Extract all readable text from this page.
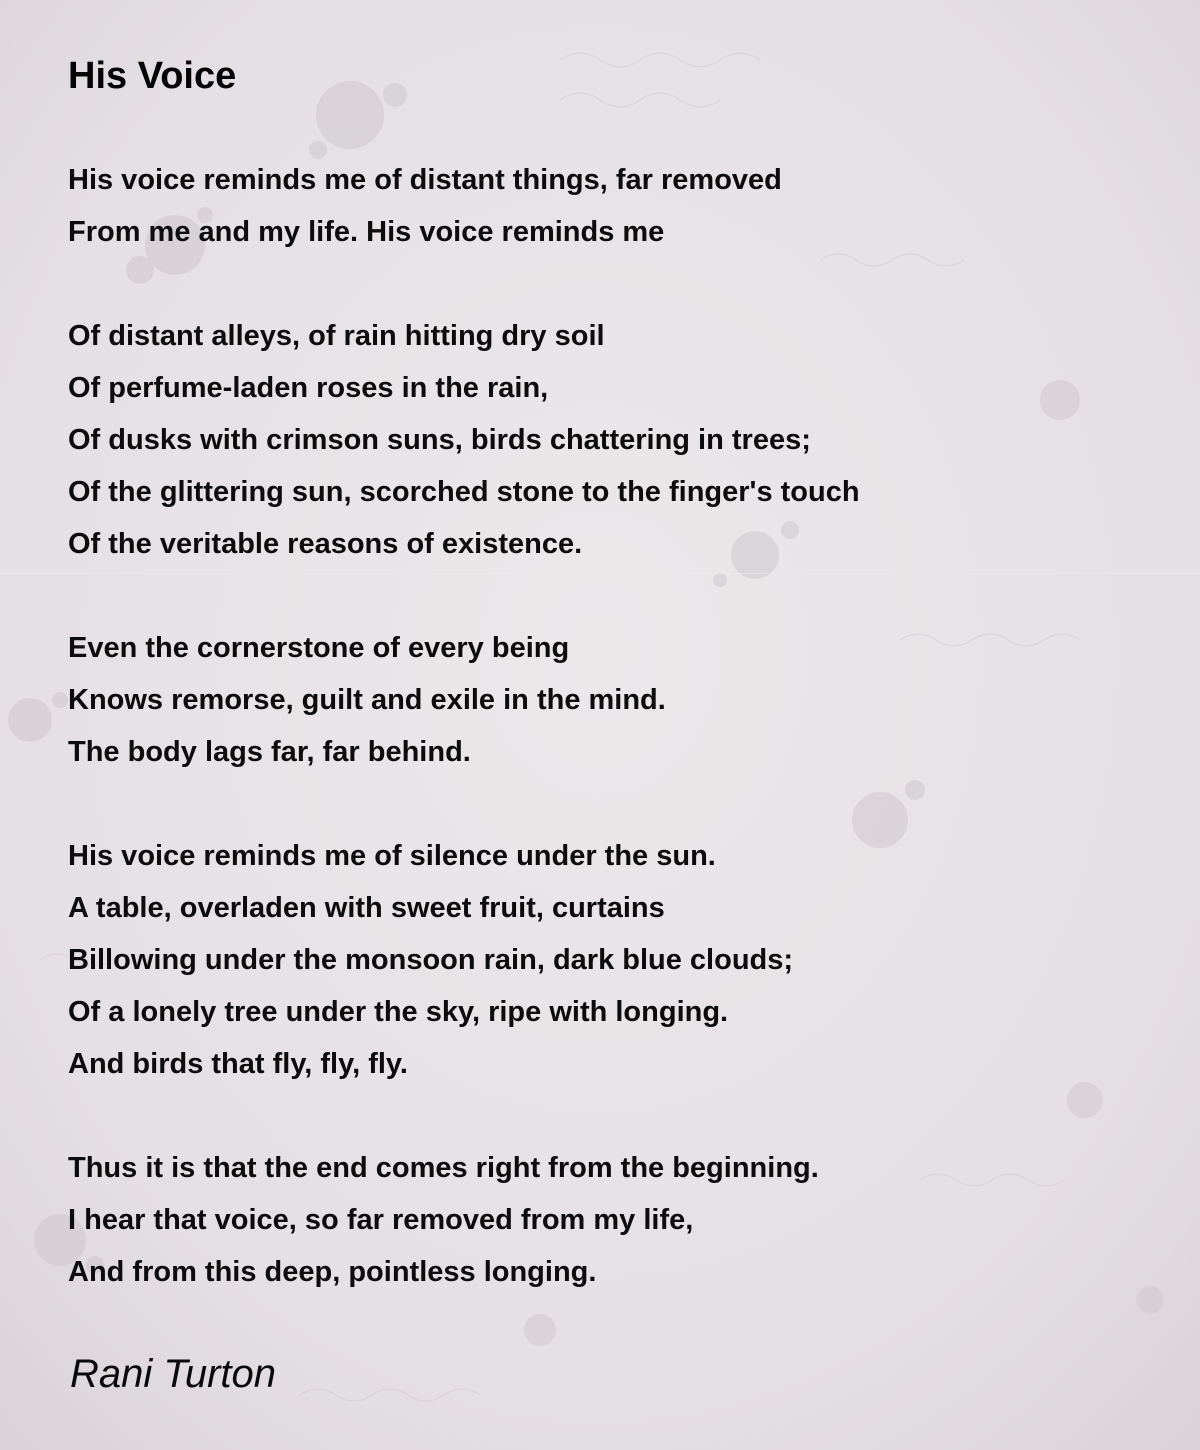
His Voice
His voice reminds me of distant things, far removed
From me and my life. His voice reminds me
Of distant alleys, of rain hitting dry soil
Of perfume-laden roses in the rain,
Of dusks with crimson suns, birds chattering in trees;
Of the glittering sun, scorched stone to the finger's touch
Of the veritable reasons of existence.
Even the cornerstone of every being
Knows remorse, guilt and exile in the mind.
The body lags far, far behind.
His voice reminds me of silence under the sun.
A table, overladen with sweet fruit, curtains
Billowing under the monsoon rain, dark blue clouds;
Of a lonely tree under the sky, ripe with longing.
And birds that fly, fly, fly.
Thus it is that the end comes right from the beginning.
I hear that voice, so far removed from my life,
And from this deep, pointless longing.

Rani Turton
